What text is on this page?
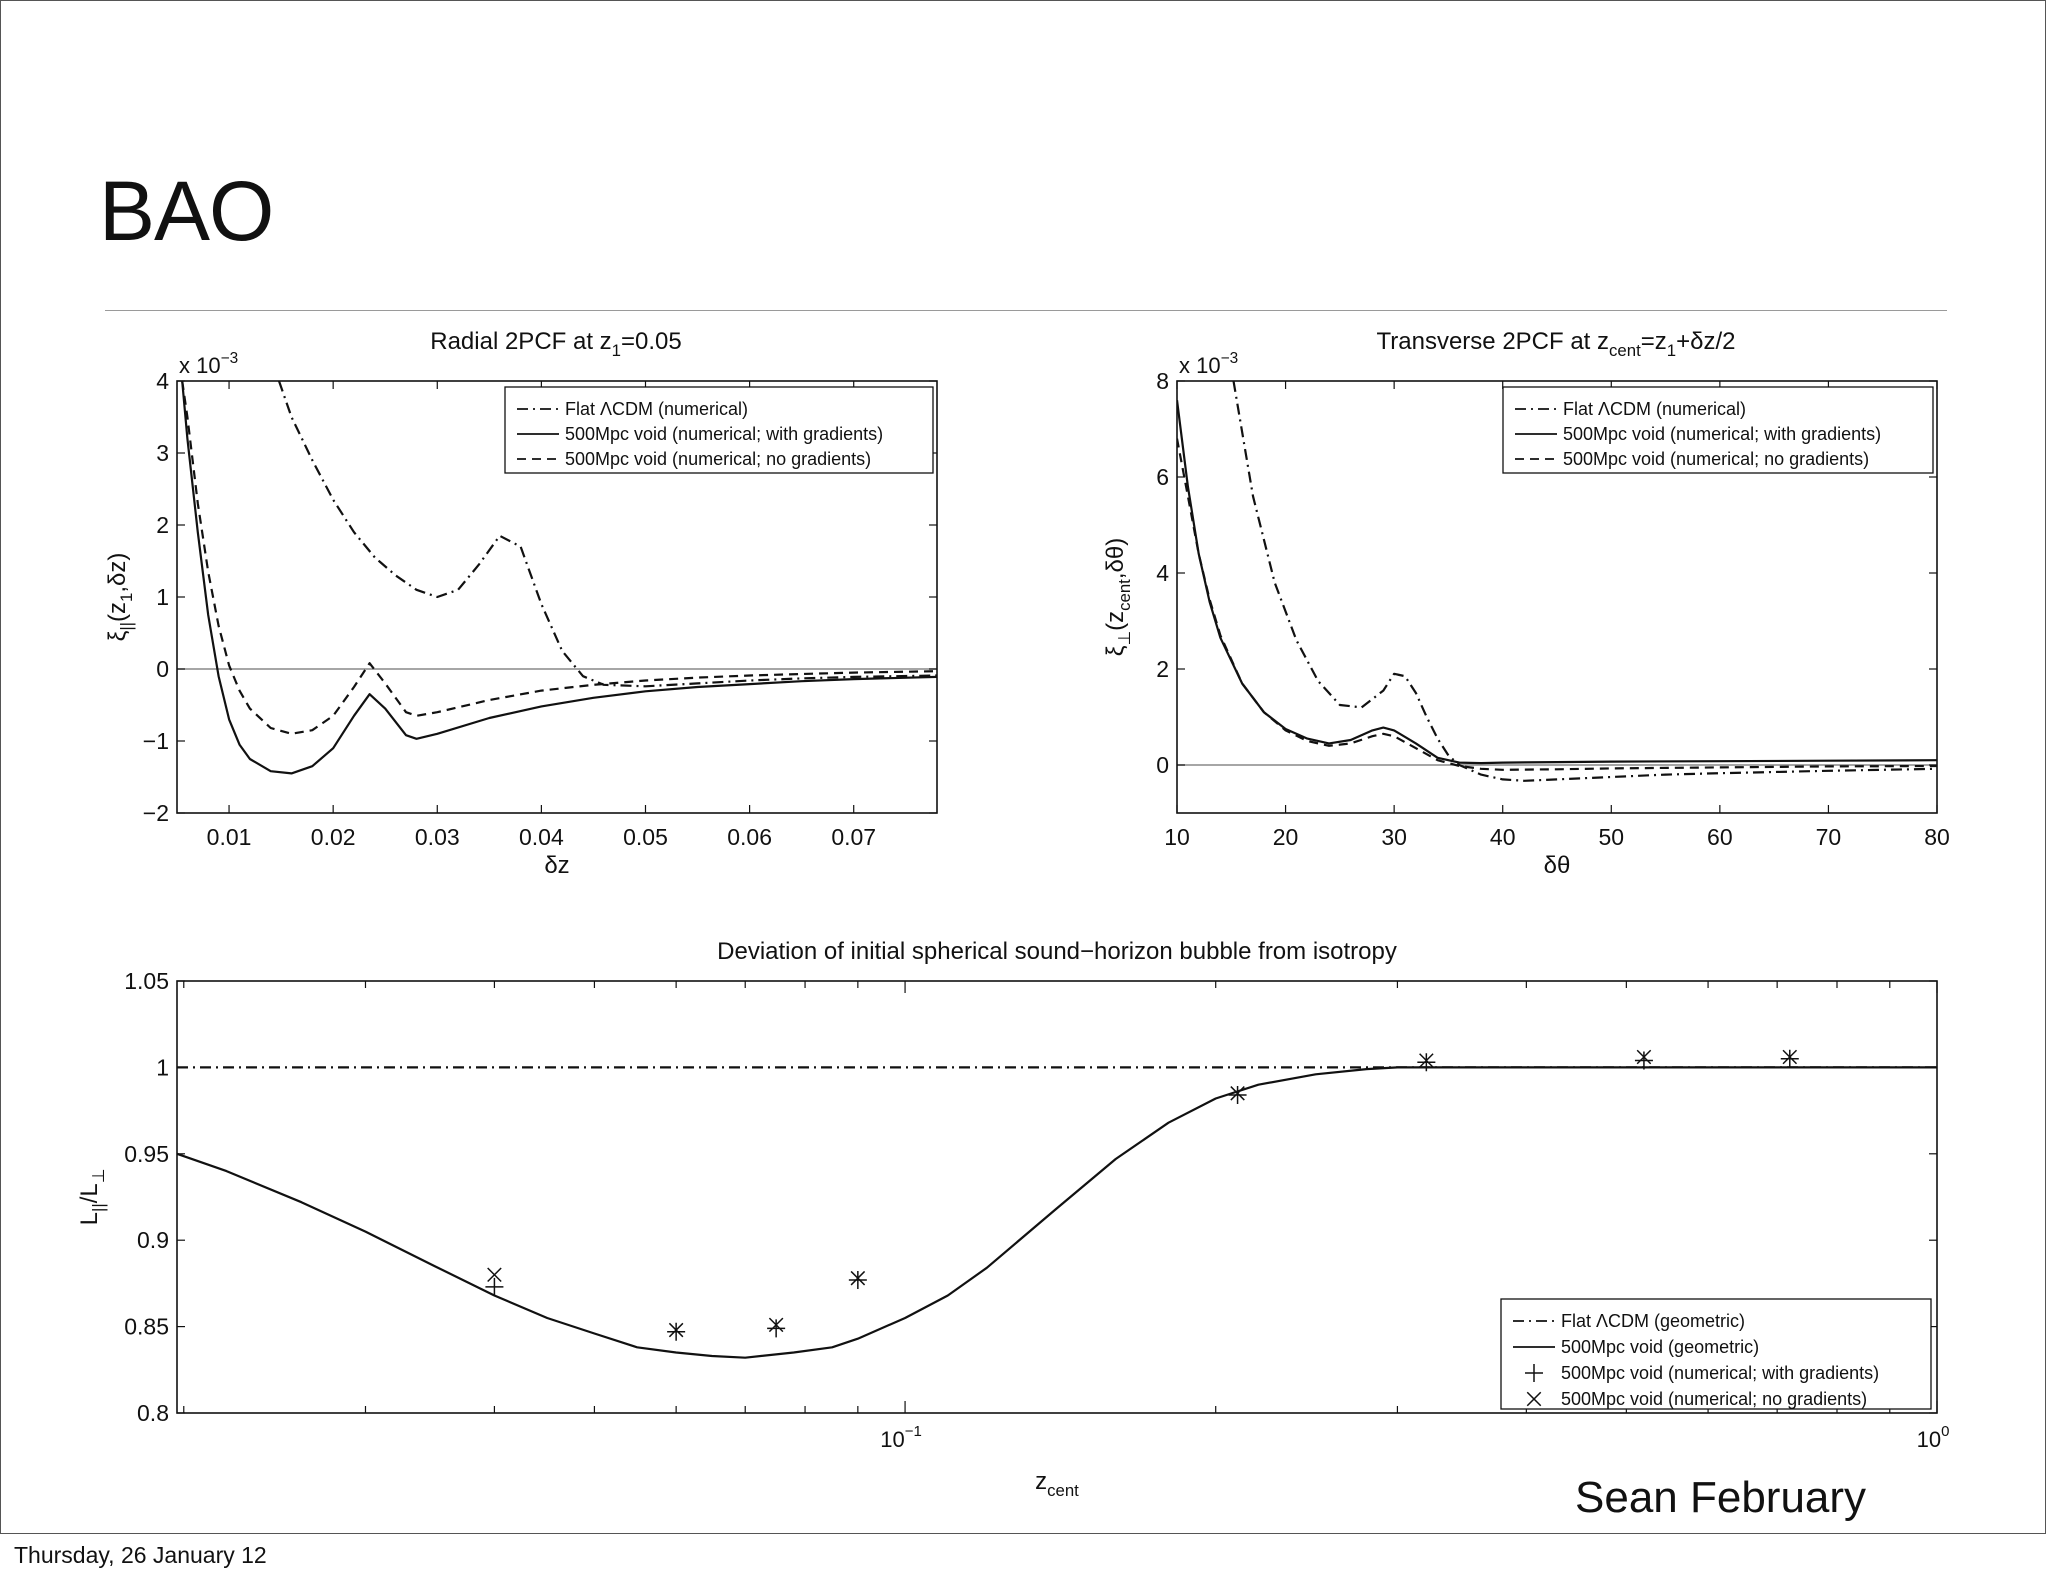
BAO
0.01	0.02	0.03	0.04	0.05	0.06	0.07
−2
−1
0
1
2
3
4
Radial 2PCF at $z_1=0.05$
δz
$\xi_{||}(z_1,\delta z)$
x $10^{-3}$
Flat ΛCDM (numerical)
500Mpc void (numerical; with gradients)
500Mpc void (numerical; no gradients)
10	20	30	40	50	60	70	80
0
2
4
6
8
Transverse 2PCF at $z_{cent}=z_1+\delta z/2$
δθ
$\xi_\perp(z_{cent},\delta\theta)$
x $10^{-3}$
Flat ΛCDM (numerical)
500Mpc void (numerical; with gradients)
500Mpc void (numerical; no gradients)
$10^{-1}$	$10^0$
0.8
0.85
0.9
0.95
1
1.05
Deviation of initial spherical sound−horizon bubble from isotropy
$z_{cent}$
$L_{||}/L_\perp$
Flat ΛCDM (geometric)
500Mpc void (geometric)
500Mpc void (numerical; with gradients)
500Mpc void (numerical; no gradients)
Sean February
Thursday, 26 January 12
